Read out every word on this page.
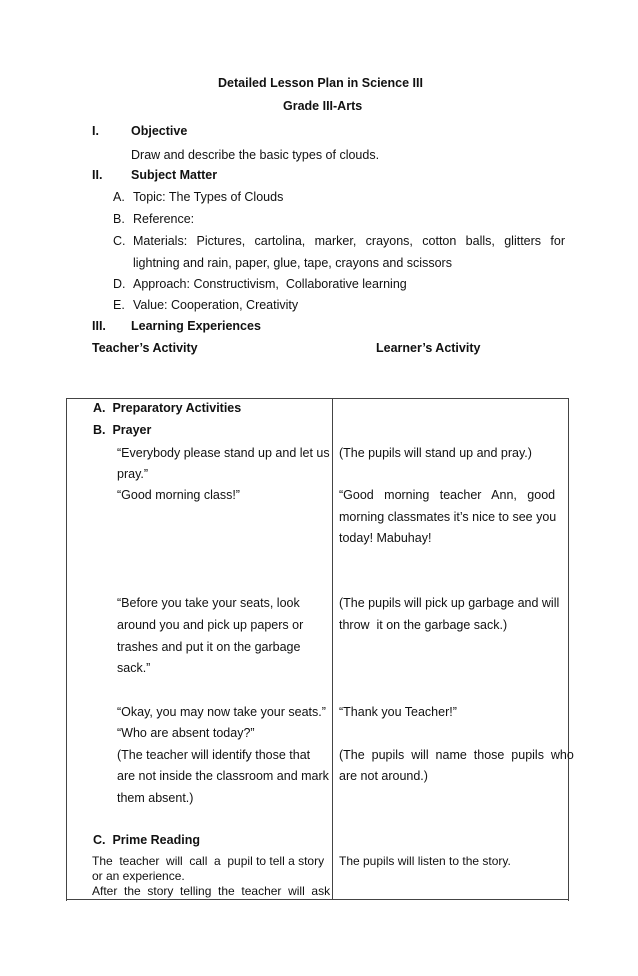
Detailed Lesson Plan in Science III
Grade III-Arts
I.	Objective
Draw and describe the basic types of clouds.
II. Subject Matter
A. Topic: The Types of Clouds
B. Reference:
C. Materials:  Pictures,  cartolina,  marker,  crayons,  cotton  balls,  glitters  for
lightning and rain, paper, glue, tape, crayons and scissors
D. Approach: Constructivism,  Collaborative learning
E. Value: Cooperation, Creativity
III. Learning Experiences
Teacher’s Activity	Learner’s Activity
A.  Preparatory Activities
B.  Prayer
“Everybody please stand up and let us
pray.”
“Good morning class!”
“Before you take your seats, look
around you and pick up papers or
trashes and put it on the garbage
sack.”
“Okay, you may now take your seats.”
“Who are absent today?”
(The teacher will identify those that
are not inside the classroom and mark
them absent.)
C.  Prime Reading
The  teacher  will  call  a  pupil to tell a story
or an experience.
After  the  story  telling  the  teacher  will  ask
(The pupils will stand up and pray.)
“Good   morning   teacher   Ann,   good
morning classmates it’s nice to see you
today! Mabuhay!
(The pupils will pick up garbage and will
throw  it on the garbage sack.)
“Thank you Teacher!”
(The  pupils  will  name  those  pupils  who
are not around.)
The pupils will listen to the story.
